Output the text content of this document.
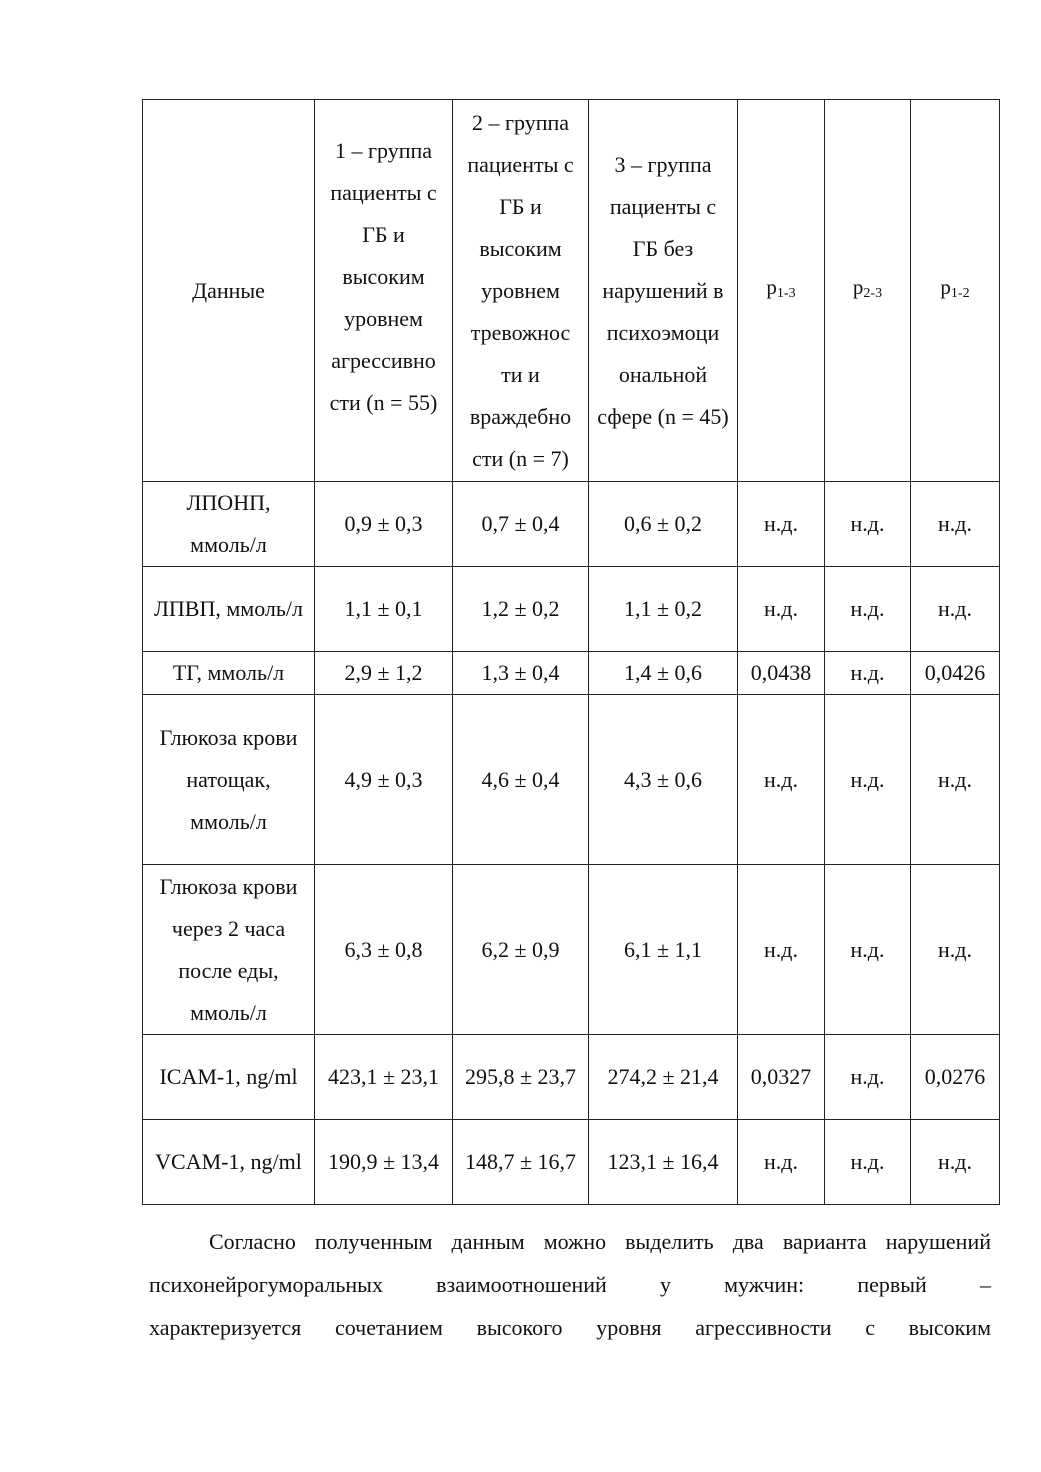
Данные	1 – группа пациенты с ГБ и высоким уровнем агрессивно сти (n = 55)	2 – группа пациенты с ГБ и высоким уровнем тревожнос ти и враждебно сти (n = 7)	3 – группа пациенты с ГБ без нарушений в психоэмоци ональной сфере (n = 45)	$p_{1-3}$	$p_{2-3}$	$p_{1-2}$
ЛПОНП, ммоль/л	0,9 ± 0,3	0,7 ± 0,4	0,6 ± 0,2	н.д.	н.д.	н.д.
ЛПВП, ммоль/л	1,1 ± 0,1	1,2 ± 0,2	1,1 ± 0,2	н.д.	н.д.	н.д.
ТГ, ммоль/л	2,9 ± 1,2	1,3 ± 0,4	1,4 ± 0,6	0,0438	н.д.	0,0426
Глюкоза крови натощак, ммоль/л	4,9 ± 0,3	4,6 ± 0,4	4,3 ± 0,6	н.д.	н.д.	н.д.
Глюкоза крови через 2 часа после еды, ммоль/л	6,3 ± 0,8	6,2 ± 0,9	6,1 ± 1,1	н.д.	н.д.	н.д.
ICAM-1, ng/ml	423,1 ± 23,1	295,8 ± 23,7	274,2 ± 21,4	0,0327	н.д.	0,0276
VCAM-1, ng/ml	190,9 ± 13,4	148,7 ± 16,7	123,1 ± 16,4	н.д.	н.д.	н.д.
Согласно полученным данным можно выделить два варианта нарушений
психонейрогуморальных взаимоотношений у мужчин: первый –
характеризуется сочетанием высокого уровня агрессивности с высоким
